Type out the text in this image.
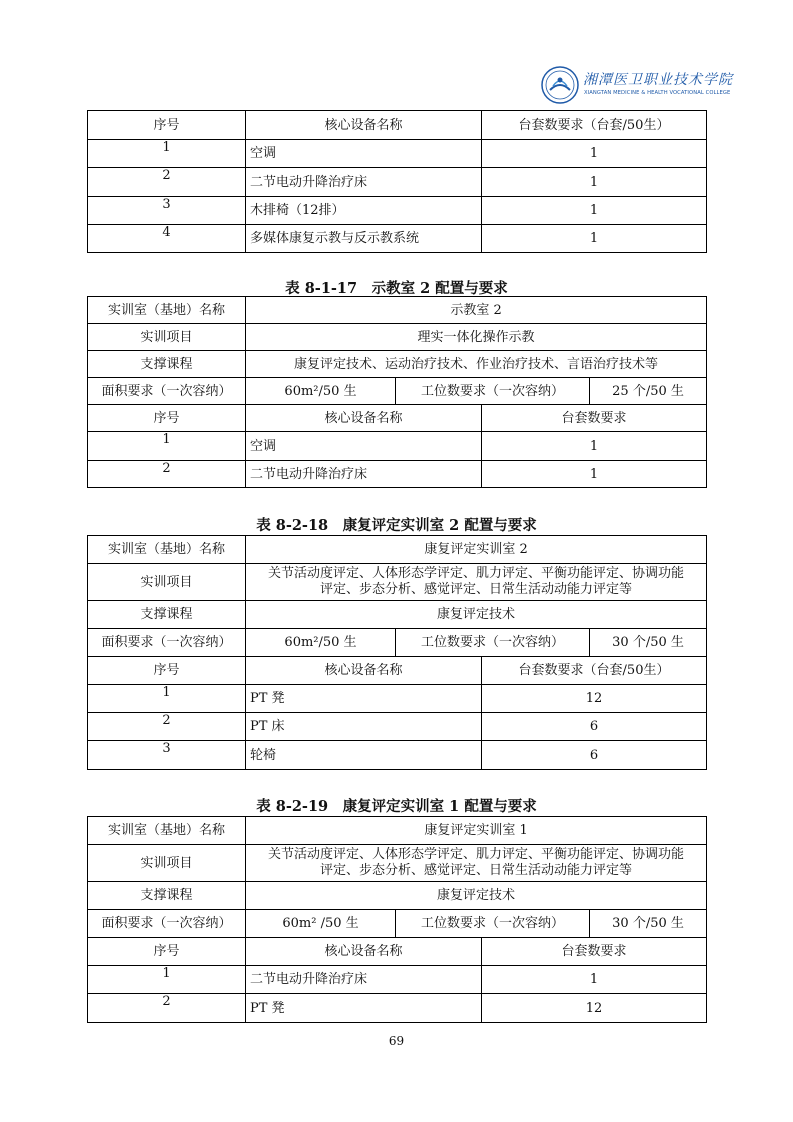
湘潭医卫职业技术学院
XIANGTAN MEDICINE & HEALTH VOCATIONAL COLLEGE
序号	核心设备名称	台套数要求（台套/50生）
1	空调	1
2	二节电动升降治疗床	1
3	木排椅（12排）	1
4	多媒体康复示教与反示教系统	1
表 8-1-17　示教室 2 配置与要求
实训室（基地）名称	示教室 2			
实训项目	理实一体化操作示教			
支撑课程	康复评定技术、运动治疗技术、作业治疗技术、言语治疗技术等			
面积要求（一次容纳）	60m²/50 生	工位数要求（一次容纳）		25 个/50 生
序号	核心设备名称		台套数要求	
1	空调		1	
2	二节电动升降治疗床		1	
表 8-2-18　康复评定实训室 2 配置与要求
实训室（基地）名称	康复评定实训室 2			
实训项目	关节活动度评定、人体形态学评定、肌力评定、平衡功能评定、协调功能
评定、步态分析、感觉评定、日常生活动动能力评定等			

支撑课程	康复评定技术			
面积要求（一次容纳）	60m²/50 生	工位数要求（一次容纳）		30 个/50 生
序号	核心设备名称		台套数要求（台套/50生）	
1	PT 凳		12	
2	PT 床		6	
3	轮椅		6	
表 8-2-19　康复评定实训室 1 配置与要求
实训室（基地）名称	康复评定实训室 1			
实训项目	关节活动度评定、人体形态学评定、肌力评定、平衡功能评定、协调功能
评定、步态分析、感觉评定、日常生活动动能力评定等			

支撑课程	康复评定技术			
面积要求（一次容纳）	60m² /50 生	工位数要求（一次容纳）		30 个/50 生
序号	核心设备名称		台套数要求	
1	二节电动升降治疗床		1	
2	PT 凳		12	
69
